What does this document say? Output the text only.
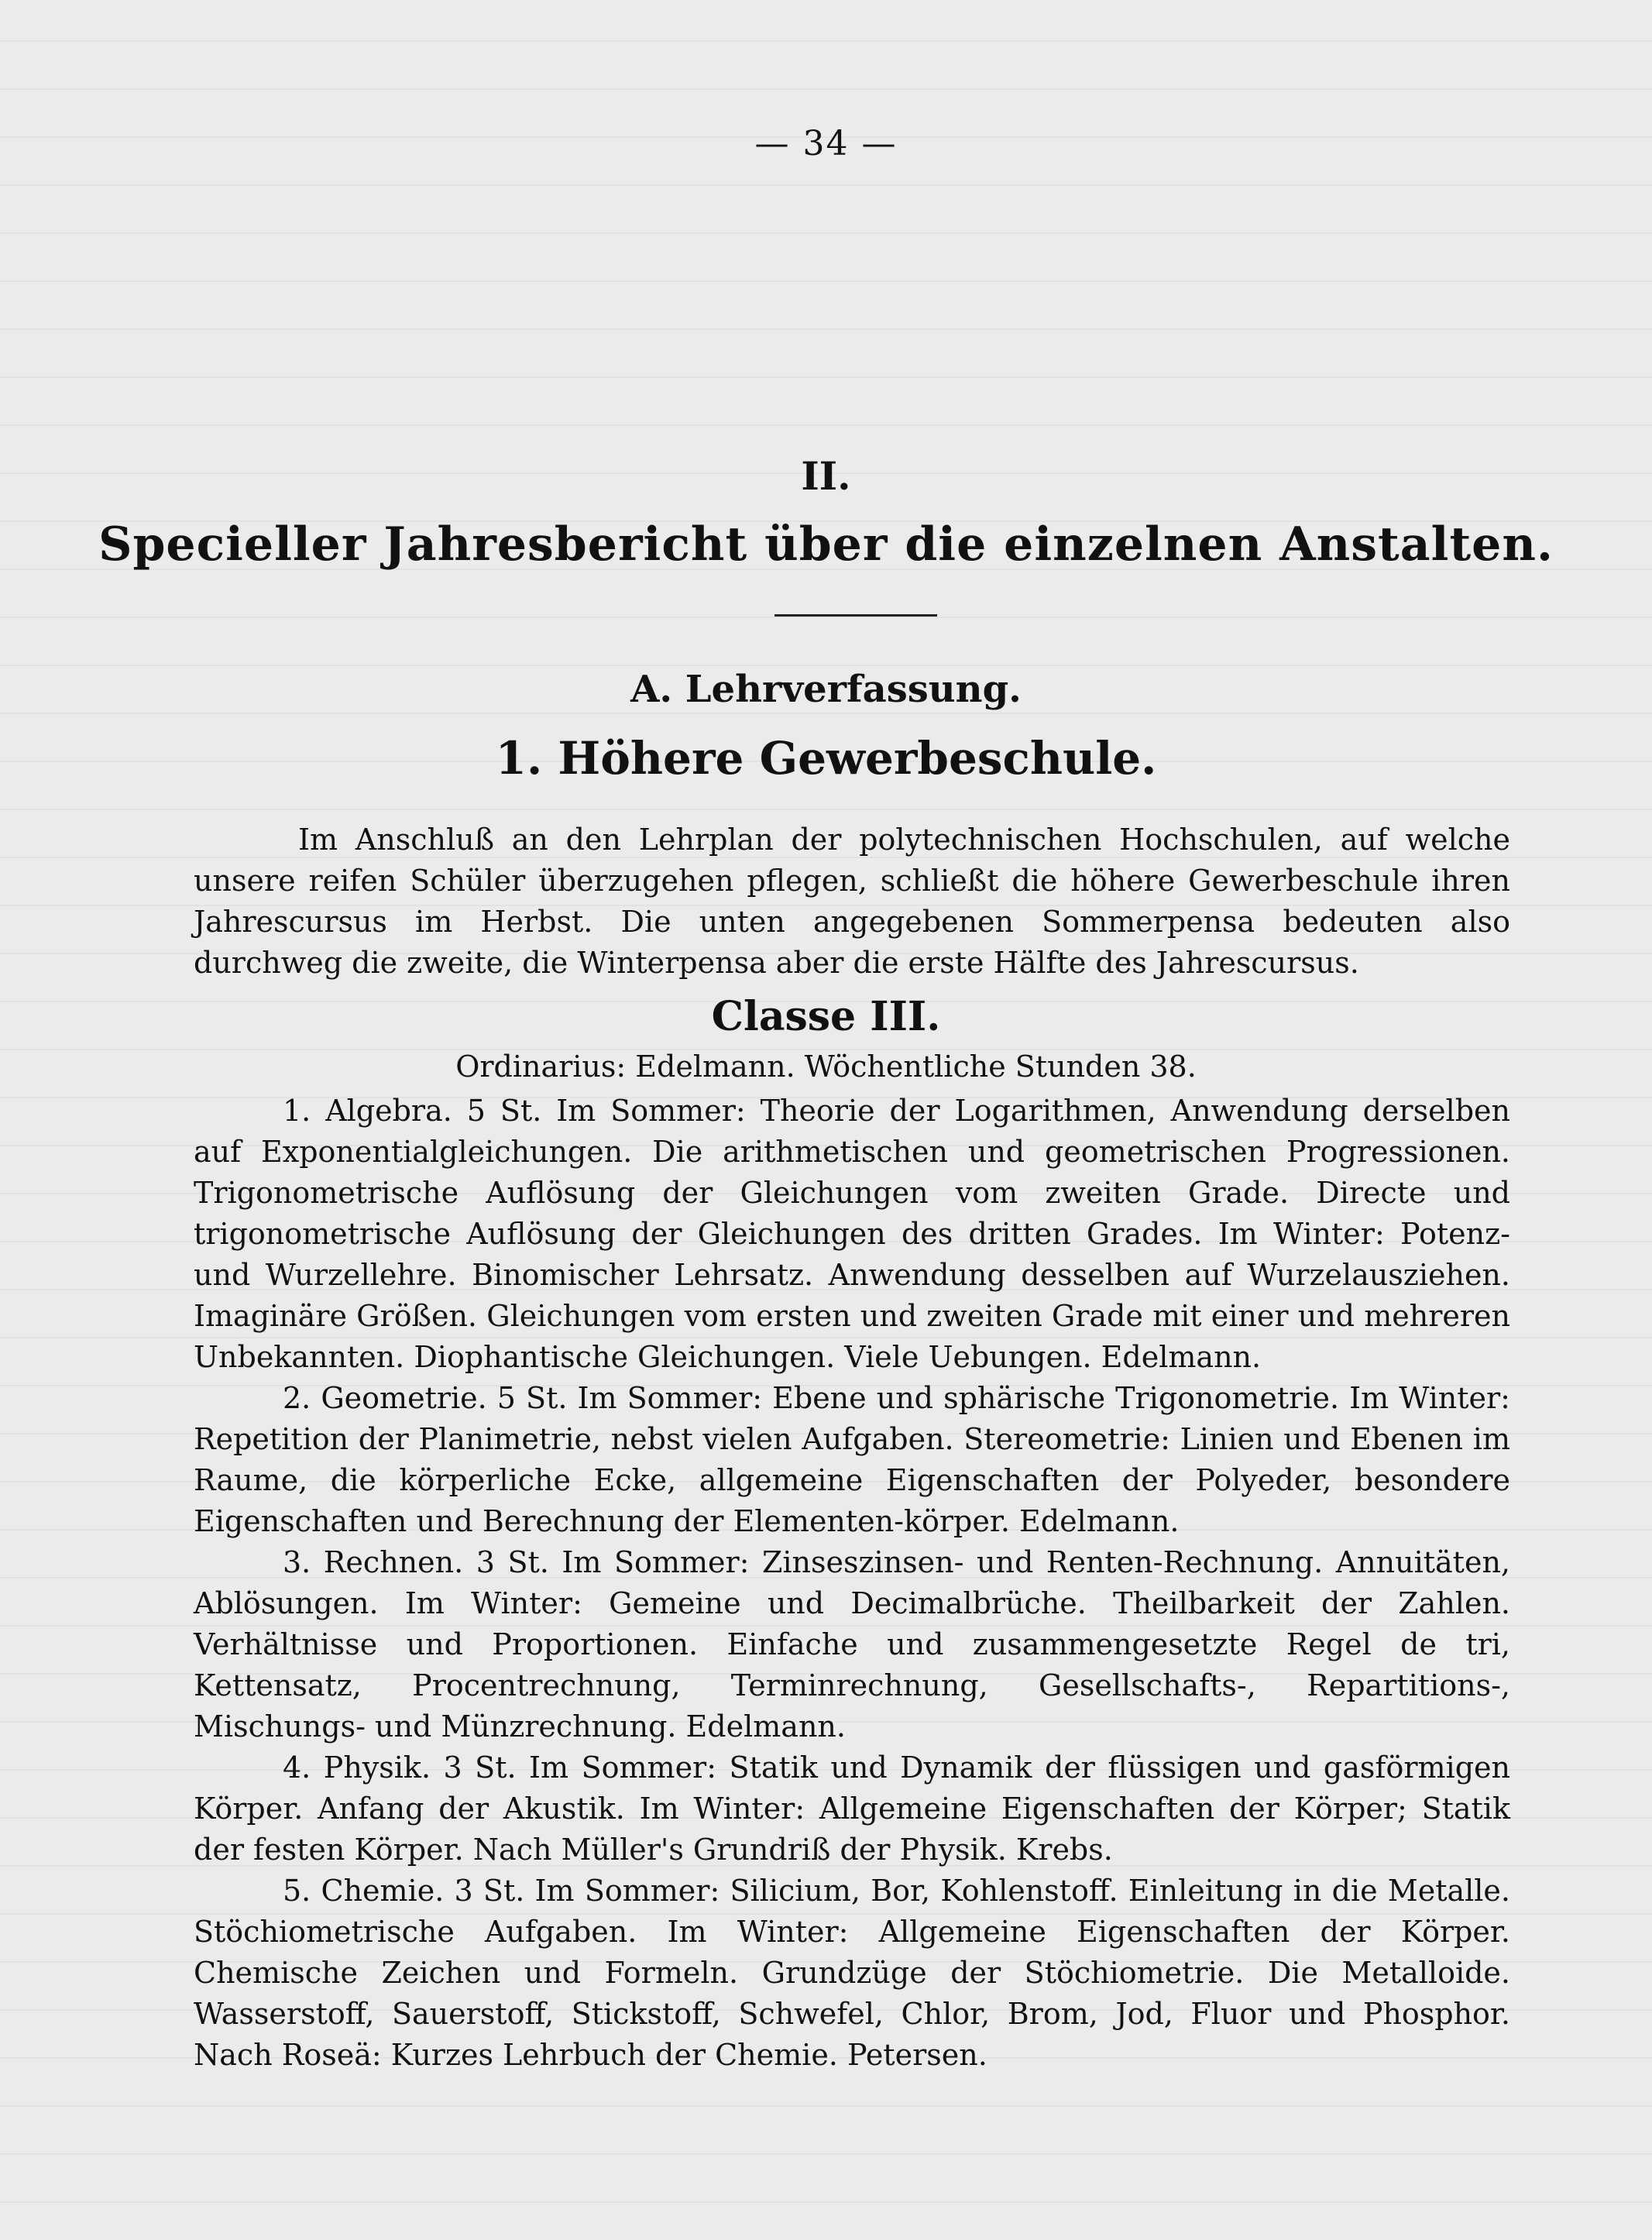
— 34 —
II.
Specieller Jahresbericht über die einzelnen Anstalten.
A. Lehrverfassung.
1. Höhere Gewerbeschule.

Im Anschluß an den Lehrplan der polytechnischen Hochschulen, auf welche unsere reifen Schüler überzugehen pflegen, schließt die höhere Gewerbeschule ihren Jahrescursus im Herbst. Die unten angegebenen Sommerpensa bedeuten also durchweg die zweite, die Winterpensa aber die erste Hälfte des Jahrescursus.

Classe III.
Ordinarius: Edelmann. Wöchentliche Stunden 38.

1. Algebra. 5 St. Im Sommer: Theorie der Logarithmen, Anwendung derselben auf Exponentialgleichungen. Die arithmetischen und geometrischen Progressionen. Trigonometrische Auflösung der Gleichungen vom zweiten Grade. Directe und trigonometrische Auflösung der Gleichungen des dritten Grades. Im Winter: Potenz- und Wurzellehre. Binomischer Lehrsatz. Anwendung desselben auf Wurzelausziehen. Imaginäre Größen. Gleichungen vom ersten und zweiten Grade mit einer und mehreren Unbekannten. Diophantische Gleichungen. Viele Uebungen. Edelmann.

2. Geometrie. 5 St. Im Sommer: Ebene und sphärische Trigonometrie. Im Winter: Repetition der Planimetrie, nebst vielen Aufgaben. Stereometrie: Linien und Ebenen im Raume, die körperliche Ecke, allgemeine Eigenschaften der Polyeder, besondere Eigenschaften und Berechnung der Elementen-körper. Edelmann.

3. Rechnen. 3 St. Im Sommer: Zinseszinsen- und Renten-Rechnung. Annuitäten, Ablösungen. Im Winter: Gemeine und Decimalbrüche. Theilbarkeit der Zahlen. Verhältnisse und Proportionen. Einfache und zusammengesetzte Regel de tri, Kettensatz, Procentrechnung, Terminrechnung, Gesellschafts-, Repartitions-, Mischungs- und Münzrechnung. Edelmann.

4. Physik. 3 St. Im Sommer: Statik und Dynamik der flüssigen und gasförmigen Körper. Anfang der Akustik. Im Winter: Allgemeine Eigenschaften der Körper; Statik der festen Körper. Nach Müller's Grundriß der Physik. Krebs.

5. Chemie. 3 St. Im Sommer: Silicium, Bor, Kohlenstoff. Einleitung in die Metalle. Stöchiometrische Aufgaben. Im Winter: Allgemeine Eigenschaften der Körper. Chemische Zeichen und Formeln. Grundzüge der Stöchiometrie. Die Metalloide. Wasserstoff, Sauerstoff, Stickstoff, Schwefel, Chlor, Brom, Jod, Fluor und Phosphor. Nach Roseä: Kurzes Lehrbuch der Chemie. Petersen.
